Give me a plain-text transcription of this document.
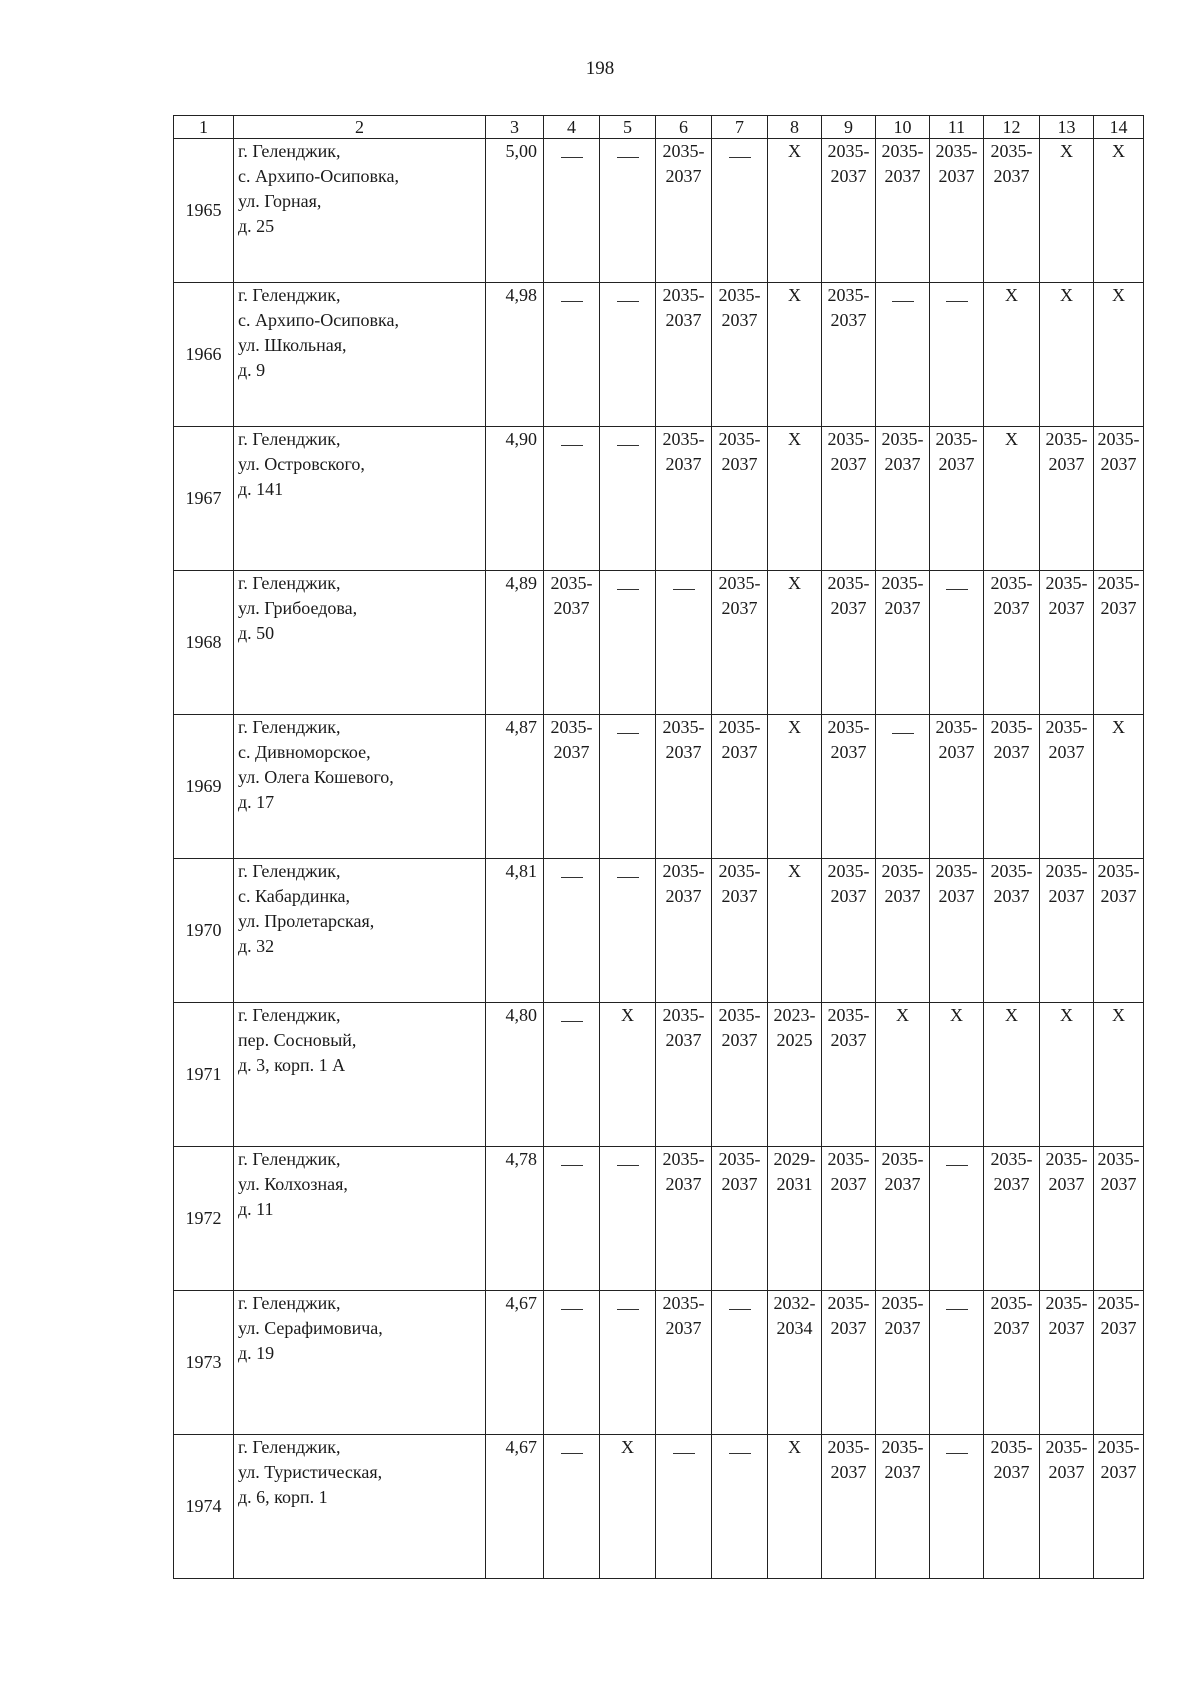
198
1	2	3	4	5	6	7	8	9	10	11	12	13	14
1965	г. Геленджик,
с. Архипо-Осиповка,
ул. Горная,
д. 25	5,00			2035-
2037		X	2035-
2037	2035-
2037	2035-
2037	2035-
2037	X	X

1966	г. Геленджик,
с. Архипо-Осиповка,
ул. Школьная,
д. 9	4,98			2035-
2037	2035-
2037	X	2035-
2037			X	X	X

1967	г. Геленджик,
ул. Островского,
д. 141	4,90			2035-
2037	2035-
2037	X	2035-
2037	2035-
2037	2035-
2037	X	2035-
2037	2035-
2037

1968	г. Геленджик,
ул. Грибоедова,
д. 50	4,89	2035-
2037			2035-
2037	X	2035-
2037	2035-
2037		2035-
2037	2035-
2037	2035-
2037

1969	г. Геленджик,
с. Дивноморское,
ул. Олега Кошевого,
д. 17	4,87	2035-
2037		2035-
2037	2035-
2037	X	2035-
2037		2035-
2037	2035-
2037	2035-
2037	X

1970	г. Геленджик,
с. Кабардинка,
ул. Пролетарская,
д. 32	4,81			2035-
2037	2035-
2037	X	2035-
2037	2035-
2037	2035-
2037	2035-
2037	2035-
2037	2035-
2037

1971	г. Геленджик,
пер. Сосновый,
д. 3, корп. 1 А	4,80		X	2035-
2037	2035-
2037	2023-
2025	2035-
2037	X	X	X	X	X

1972	г. Геленджик,
ул. Колхозная,
д. 11	4,78			2035-
2037	2035-
2037	2029-
2031	2035-
2037	2035-
2037		2035-
2037	2035-
2037	2035-
2037

1973	г. Геленджик,
ул. Серафимовича,
д. 19	4,67			2035-
2037		2032-
2034	2035-
2037	2035-
2037		2035-
2037	2035-
2037	2035-
2037

1974	г. Геленджик,
ул. Туристическая,
д. 6, корп. 1	4,67		X			X	2035-
2037	2035-
2037		2035-
2037	2035-
2037	2035-
2037
